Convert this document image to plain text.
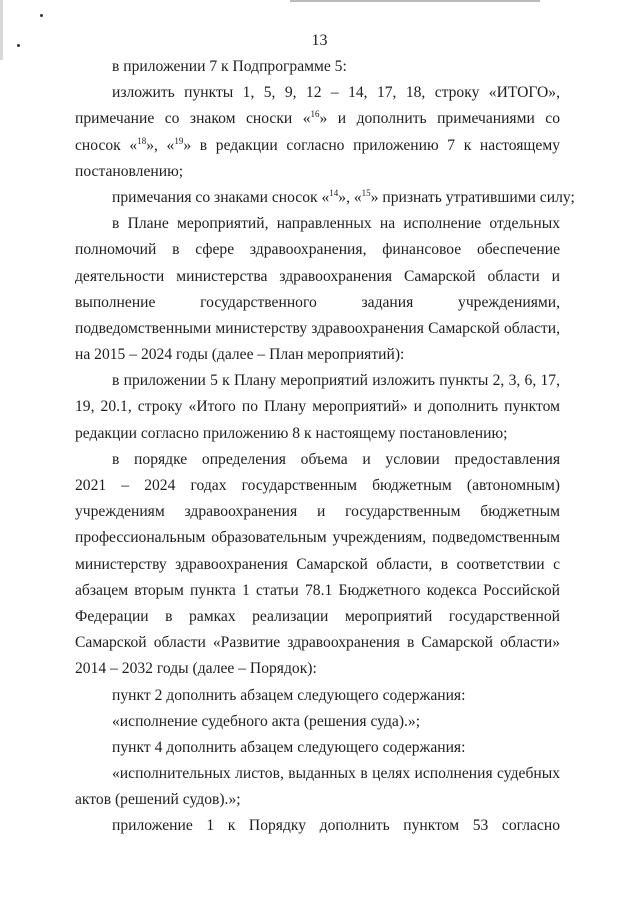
13
в приложении 7 к Подпрограмме 5:
изложить пункты 1, 5, 9, 12 – 14, 17, 18, строку «ИТОГО»,
примечание со знаком сноски «$^{16}$» и дополнить примечаниями со
сносок «$^{18}$», «$^{19}$» в редакции согласно приложению 7 к настоящему
постановлению;
примечания со знаками сносок «$^{14}$», «$^{15}$» признать утратившими силу;
в Плане мероприятий, направленных на исполнение отдельных
полномочий в сфере здравоохранения, финансовое обеспечение
деятельности министерства здравоохранения Самарской области и
выполнение государственного задания учреждениями,
подведомственными министерству здравоохранения Самарской области,
на 2015 – 2024 годы (далее – План мероприятий):
в приложении 5 к Плану мероприятий изложить пункты 2, 3, 6, 17,
19, 20.1, строку «Итого по Плану мероприятий» и дополнить пунктом
редакции согласно приложению 8 к настоящему постановлению;
в порядке определения объема и условии предоставления
2021 – 2024 годах государственным бюджетным (автономным)
учреждениям здравоохранения и государственным бюджетным
профессиональным образовательным учреждениям, подведомственным
министерству здравоохранения Самарской области, в соответствии с
абзацем вторым пункта 1 статьи 78.1 Бюджетного кодекса Российской
Федерации в рамках реализации мероприятий государственной
Самарской области «Развитие здравоохранения в Самарской области»
2014 – 2032 годы (далее – Порядок):
пункт 2 дополнить абзацем следующего содержания:
«исполнение судебного акта (решения суда).»;
пункт 4 дополнить абзацем следующего содержания:
«исполнительных листов, выданных в целях исполнения судебных
актов (решений судов).»;
приложение 1 к Порядку дополнить пунктом 53 согласно
